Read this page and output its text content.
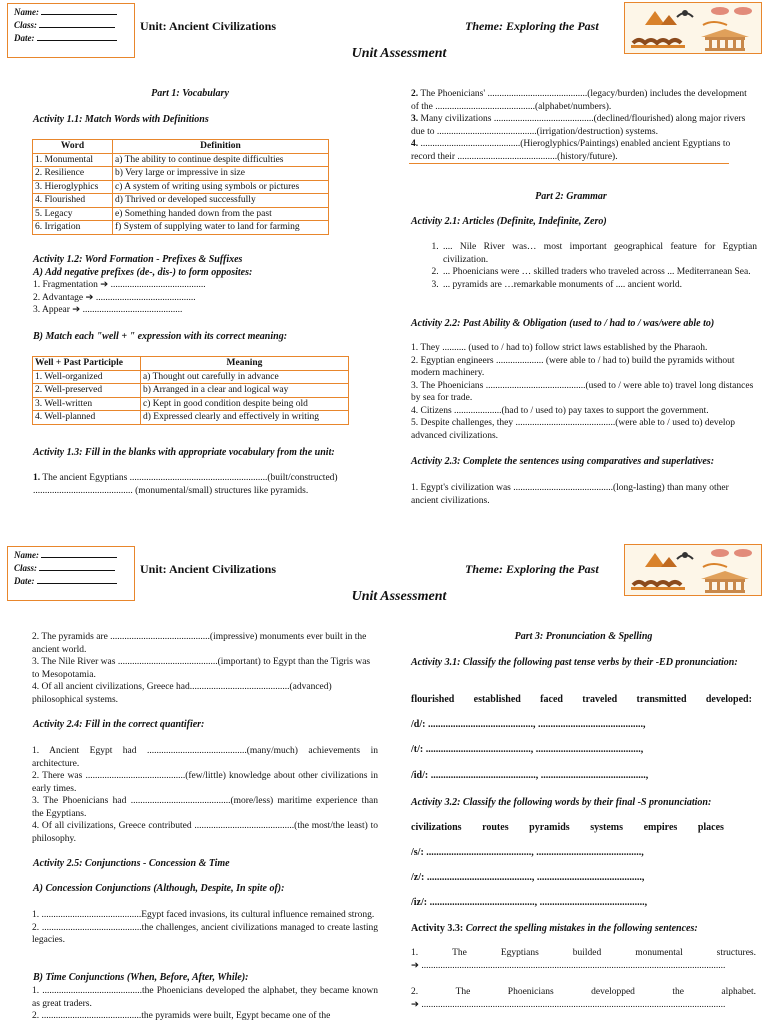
Name:
Class:
Date:
Unit: Ancient Civilizations	Theme: Exploring the Past
Unit Assessment
Part 1: Vocabulary
Activity 1.1: Match Words with Definitions
Word	Definition
1. Monumental	a) The ability to continue despite difficulties
2. Resilience	b) Very large or impressive in size
3. Hieroglyphics	c) A system of writing using symbols or pictures
4. Flourished	d) Thrived or developed successfully
5. Legacy	e) Something handed down from the past
6. Irrigation	f) System of supplying water to land for farming
Activity 1.2: Word Formation - Prefixes & Suffixes
A) Add negative prefixes (de-, dis-) to form opposites:
1. Fragmentation ➔ ........................................
2. Advantage ➔ ..........................................
3. Appear ➔ ..........................................
B) Match each "well + " expression with its correct meaning:
Well + Past Participle	Meaning
1. Well-organized	a) Thought out carefully in advance
2. Well-preserved	b) Arranged in a clear and logical way
3. Well-written	c) Kept in good condition despite being old
4. Well-planned	d) Expressed clearly and effectively in writing
Activity 1.3: Fill in the blanks with appropriate vocabulary from the unit:
1. The ancient Egyptians ..........................................................(built/constructed) .......................................... (monumental/small) structures like pyramids.
2. The Phoenicians' ..........................................(legacy/burden) includes the development of the ..........................................(alphabet/numbers).
3. Many civilizations ..........................................(declined/flourished) along major rivers due to ..........................................(irrigation/destruction) systems.
4. ..........................................(Hieroglyphics/Paintings) enabled ancient Egyptians to record their ..........................................(history/future).
Part 2: Grammar
Activity 2.1: Articles (Definite, Indefinite, Zero)
1. .... Nile River was… most important geographical feature for Egyptian civilization.
2. ... Phoenicians were … skilled traders who traveled across ... Mediterranean Sea.
3. ... pyramids are …remarkable monuments of .... ancient world.
Activity 2.2: Past Ability & Obligation (used to / had to / was/were able to)
1. They .......... (used to / had to) follow strict laws established by the Pharaoh.
2. Egyptian engineers .................... (were able to / had to) build the pyramids without modern machinery.
3. The Phoenicians ..........................................(used to / were able to) travel long distances by sea for trade.
4. Citizens ....................(had to / used to) pay taxes to support the government.
5. Despite challenges, they ..........................................(were able to / used to) develop advanced civilizations.
Activity 2.3: Complete the sentences using comparatives and superlatives:
1. Egypt's civilization was ..........................................(long-lasting) than many other ancient civilizations.
Name:
Class:
Date:
Unit: Ancient Civilizations	Theme: Exploring the Past
Unit Assessment
2. The pyramids are ..........................................(impressive) monuments ever built in the ancient world.
3. The Nile River was ..........................................(important) to Egypt than the Tigris was to Mesopotamia.
4. Of all ancient civilizations, Greece had..........................................(advanced) philosophical systems.
Activity 2.4: Fill in the correct quantifier:
1. Ancient Egypt had ..........................................(many/much) achievements in architecture.
2. There was ..........................................(few/little) knowledge about other civilizations in early times.
3. The Phoenicians had ..........................................(more/less) maritime experience than the Egyptians.
4. Of all civilizations, Greece contributed ..........................................(the most/the least) to philosophy.
Activity 2.5: Conjunctions - Concession & Time
A) Concession Conjunctions (Although, Despite, In spite of):
1. ..........................................Egypt faced invasions, its cultural influence remained strong.
2. ..........................................the challenges, ancient civilizations managed to create lasting legacies.
B) Time Conjunctions (When, Before, After, While):
1. ..........................................the Phoenicians developed the alphabet, they became known as great traders.
2. ..........................................the pyramids were built, Egypt became one of the
Part 3: Pronunciation & Spelling
Activity 3.1: Classify the following past tense verbs by their -ED pronunciation:
flourished established faced traveled transmitted developed:
/d/: .........................................., ..........................................,
/t/: .........................................., ..........................................,
/id/: .........................................., ..........................................,
Activity 3.2: Classify the following words by their final -S pronunciation:
civilizations routes pyramids systems empires places
/s/: .........................................., ..........................................,
/z/: .........................................., ..........................................,
/iz/: .........................................., ..........................................,
Activity 3.3: Correct the spelling mistakes in the following sentences:
1.	The	Egyptians	builded	monumental	structures.
➔ ................................................................................................................................
2.	The	Phoenicians	developped	the	alphabet.
➔ ................................................................................................................................
